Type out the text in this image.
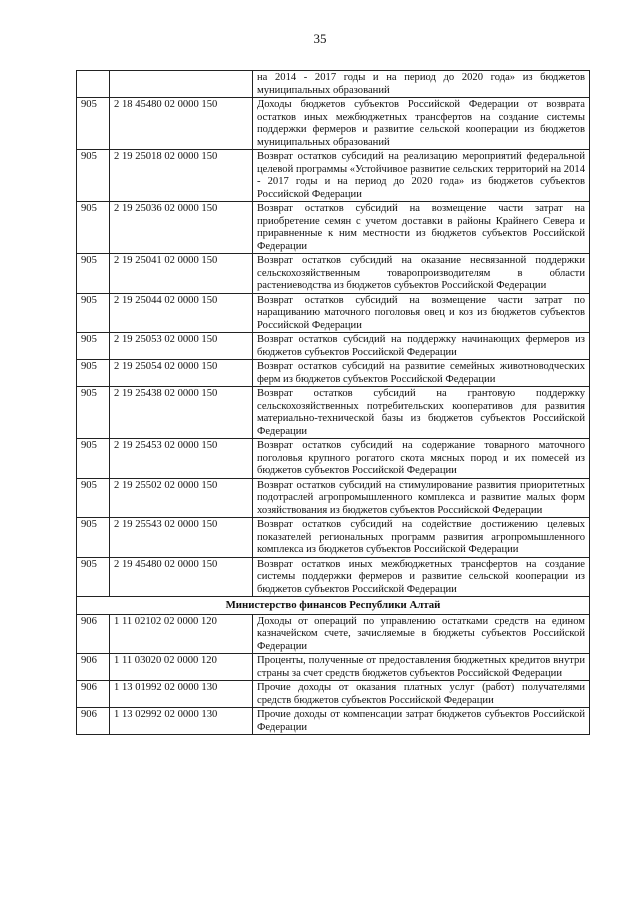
35
		на 2014 - 2017 годы и на период до 2020 года» из бюджетов муниципальных образований
905	2 18 45480 02 0000 150	Доходы бюджетов субъектов Российской Федерации от возврата остатков иных межбюджетных трансфертов на создание системы поддержки фермеров и развитие сельской кооперации из бюджетов муниципальных образований
905	2 19 25018 02 0000 150	Возврат остатков субсидий на реализацию мероприятий федеральной целевой программы «Устойчивое развитие сельских территорий на 2014 - 2017 годы и на период до 2020 года» из бюджетов субъектов Российской Федерации
905	2 19 25036 02 0000 150	Возврат остатков субсидий на возмещение части затрат на приобретение семян с учетом доставки в районы Крайнего Севера и приравненные к ним местности из бюджетов субъектов Российской Федерации
905	2 19 25041 02 0000 150	Возврат остатков субсидий на оказание несвязанной поддержки сельскохозяйственным товаропроизводителям в области растениеводства из бюджетов субъектов Российской Федерации
905	2 19 25044 02 0000 150	Возврат остатков субсидий на возмещение части затрат по наращиванию маточного поголовья овец и коз из бюджетов субъектов Российской Федерации
905	2 19 25053 02 0000 150	Возврат остатков субсидий на поддержку начинающих фермеров из бюджетов субъектов Российской Федерации
905	2 19 25054 02 0000 150	Возврат остатков субсидий на развитие семейных животноводческих ферм из бюджетов субъектов Российской Федерации
905	2 19 25438 02 0000 150	Возврат остатков субсидий на грантовую поддержку сельскохозяйственных потребительских кооперативов для развития материально-технической базы из бюджетов субъектов Российской Федерации
905	2 19 25453 02 0000 150	Возврат остатков субсидий на содержание товарного маточного поголовья крупного рогатого скота мясных пород и их помесей из бюджетов субъектов Российской Федерации
905	2 19 25502 02 0000 150	Возврат остатков субсидий на стимулирование развития приоритетных подотраслей агропромышленного комплекса и развитие малых форм хозяйствования из бюджетов субъектов Российской Федерации
905	2 19 25543 02 0000 150	Возврат остатков субсидий на содействие достижению целевых показателей региональных программ развития агропромышленного комплекса из бюджетов субъектов Российской Федерации
905	2 19 45480 02 0000 150	Возврат остатков иных межбюджетных трансфертов на создание системы поддержки фермеров и развитие сельской кооперации из бюджетов субъектов Российской Федерации
Министерство финансов Республики Алтай		
906	1 11 02102 02 0000 120	Доходы от операций по управлению остатками средств на едином казначейском счете, зачисляемые в бюджеты субъектов Российской Федерации
906	1 11 03020 02 0000 120	Проценты, полученные от предоставления бюджетных кредитов внутри страны за счет средств бюджетов субъектов Российской Федерации
906	1 13 01992 02 0000 130	Прочие доходы от оказания платных услуг (работ) получателями средств бюджетов субъектов Российской Федерации
906	1 13 02992 02 0000 130	Прочие доходы от компенсации затрат бюджетов субъектов Российской Федерации
